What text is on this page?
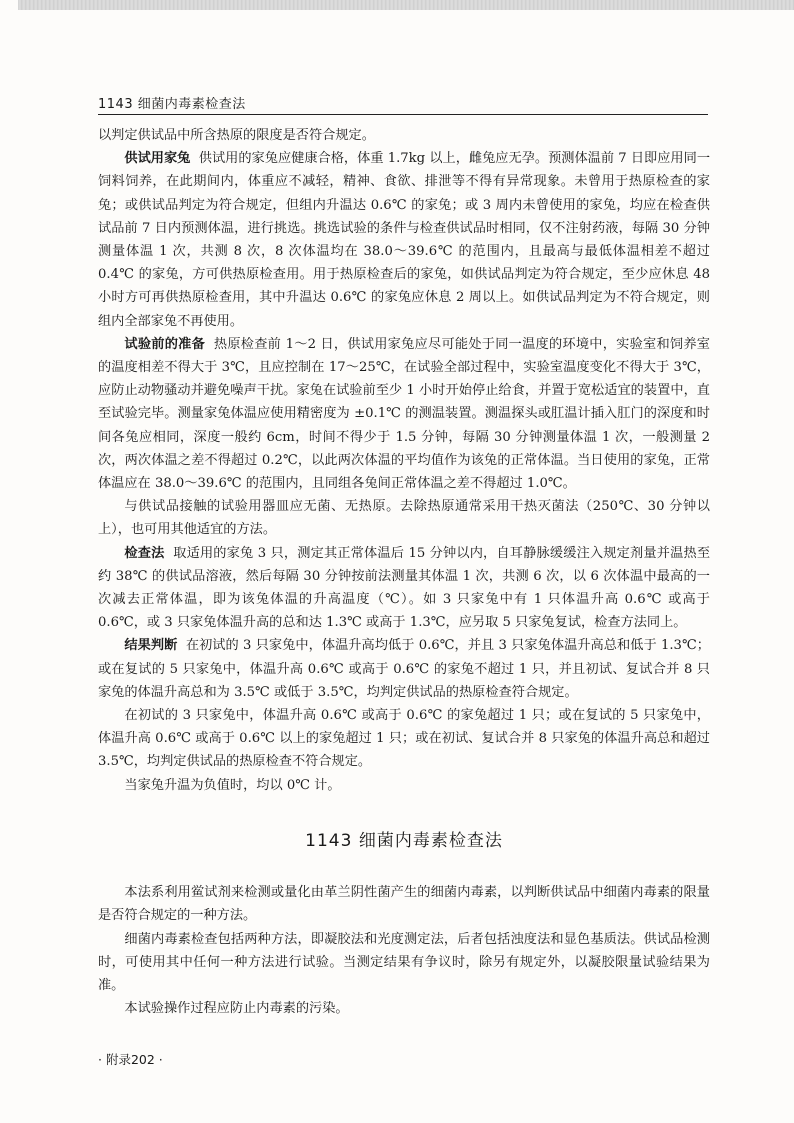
1143 细菌内毒素检查法

以判定供试品中所含热原的限度是否符合规定。

供试用家兔 供试用的家兔应健康合格，体重 1.7kg 以上，雌兔应无孕。预测体温前 7 日即应用同一饲料饲养，在此期间内，体重应不减轻，精神、食欲、排泄等不得有异常现象。未曾用于热原检查的家兔；或供试品判定为符合规定，但组内升温达 0.6℃ 的家兔；或 3 周内未曾使用的家兔，均应在检查供试品前 7 日内预测体温，进行挑选。挑选试验的条件与检查供试品时相同，仅不注射药液，每隔 30 分钟测量体温 1 次，共测 8 次，8 次体温均在 38.0～39.6℃ 的范围内，且最高与最低体温相差不超过 0.4℃ 的家兔，方可供热原检查用。用于热原检查后的家兔，如供试品判定为符合规定，至少应休息 48 小时方可再供热原检查用，其中升温达 0.6℃ 的家兔应休息 2 周以上。如供试品判定为不符合规定，则组内全部家兔不再使用。

试验前的准备 热原检查前 1～2 日，供试用家兔应尽可能处于同一温度的环境中，实验室和饲养室的温度相差不得大于 3℃，且应控制在 17～25℃，在试验全部过程中，实验室温度变化不得大于 3℃，应防止动物骚动并避免噪声干扰。家兔在试验前至少 1 小时开始停止给食，并置于宽松适宜的装置中，直至试验完毕。测量家兔体温应使用精密度为 ±0.1℃ 的测温装置。测温探头或肛温计插入肛门的深度和时间各兔应相同，深度一般约 6cm，时间不得少于 1.5 分钟，每隔 30 分钟测量体温 1 次，一般测量 2 次，两次体温之差不得超过 0.2℃，以此两次体温的平均值作为该兔的正常体温。当日使用的家兔，正常体温应在 38.0～39.6℃ 的范围内，且同组各兔间正常体温之差不得超过 1.0℃。

与供试品接触的试验用器皿应无菌、无热原。去除热原通常采用干热灭菌法（250℃、30 分钟以上），也可用其他适宜的方法。

检查法 取适用的家兔 3 只，测定其正常体温后 15 分钟以内，自耳静脉缓缓注入规定剂量并温热至约 38℃ 的供试品溶液，然后每隔 30 分钟按前法测量其体温 1 次，共测 6 次，以 6 次体温中最高的一次减去正常体温，即为该兔体温的升高温度（℃）。如 3 只家兔中有 1 只体温升高 0.6℃ 或高于 0.6℃，或 3 只家兔体温升高的总和达 1.3℃ 或高于 1.3℃，应另取 5 只家兔复试，检查方法同上。

结果判断 在初试的 3 只家兔中，体温升高均低于 0.6℃，并且 3 只家兔体温升高总和低于 1.3℃；或在复试的 5 只家兔中，体温升高 0.6℃ 或高于 0.6℃ 的家兔不超过 1 只，并且初试、复试合并 8 只家兔的体温升高总和为 3.5℃ 或低于 3.5℃，均判定供试品的热原检查符合规定。

在初试的 3 只家兔中，体温升高 0.6℃ 或高于 0.6℃ 的家兔超过 1 只；或在复试的 5 只家兔中，体温升高 0.6℃ 或高于 0.6℃ 以上的家兔超过 1 只；或在初试、复试合并 8 只家兔的体温升高总和超过 3.5℃，均判定供试品的热原检查不符合规定。

当家兔升温为负值时，均以 0℃ 计。

1143 细菌内毒素检查法

本法系利用鲎试剂来检测或量化由革兰阴性菌产生的细菌内毒素，以判断供试品中细菌内毒素的限量是否符合规定的一种方法。

细菌内毒素检查包括两种方法，即凝胶法和光度测定法，后者包括浊度法和显色基质法。供试品检测时，可使用其中任何一种方法进行试验。当测定结果有争议时，除另有规定外，以凝胶限量试验结果为准。

本试验操作过程应防止内毒素的污染。

· 附录202 ·
